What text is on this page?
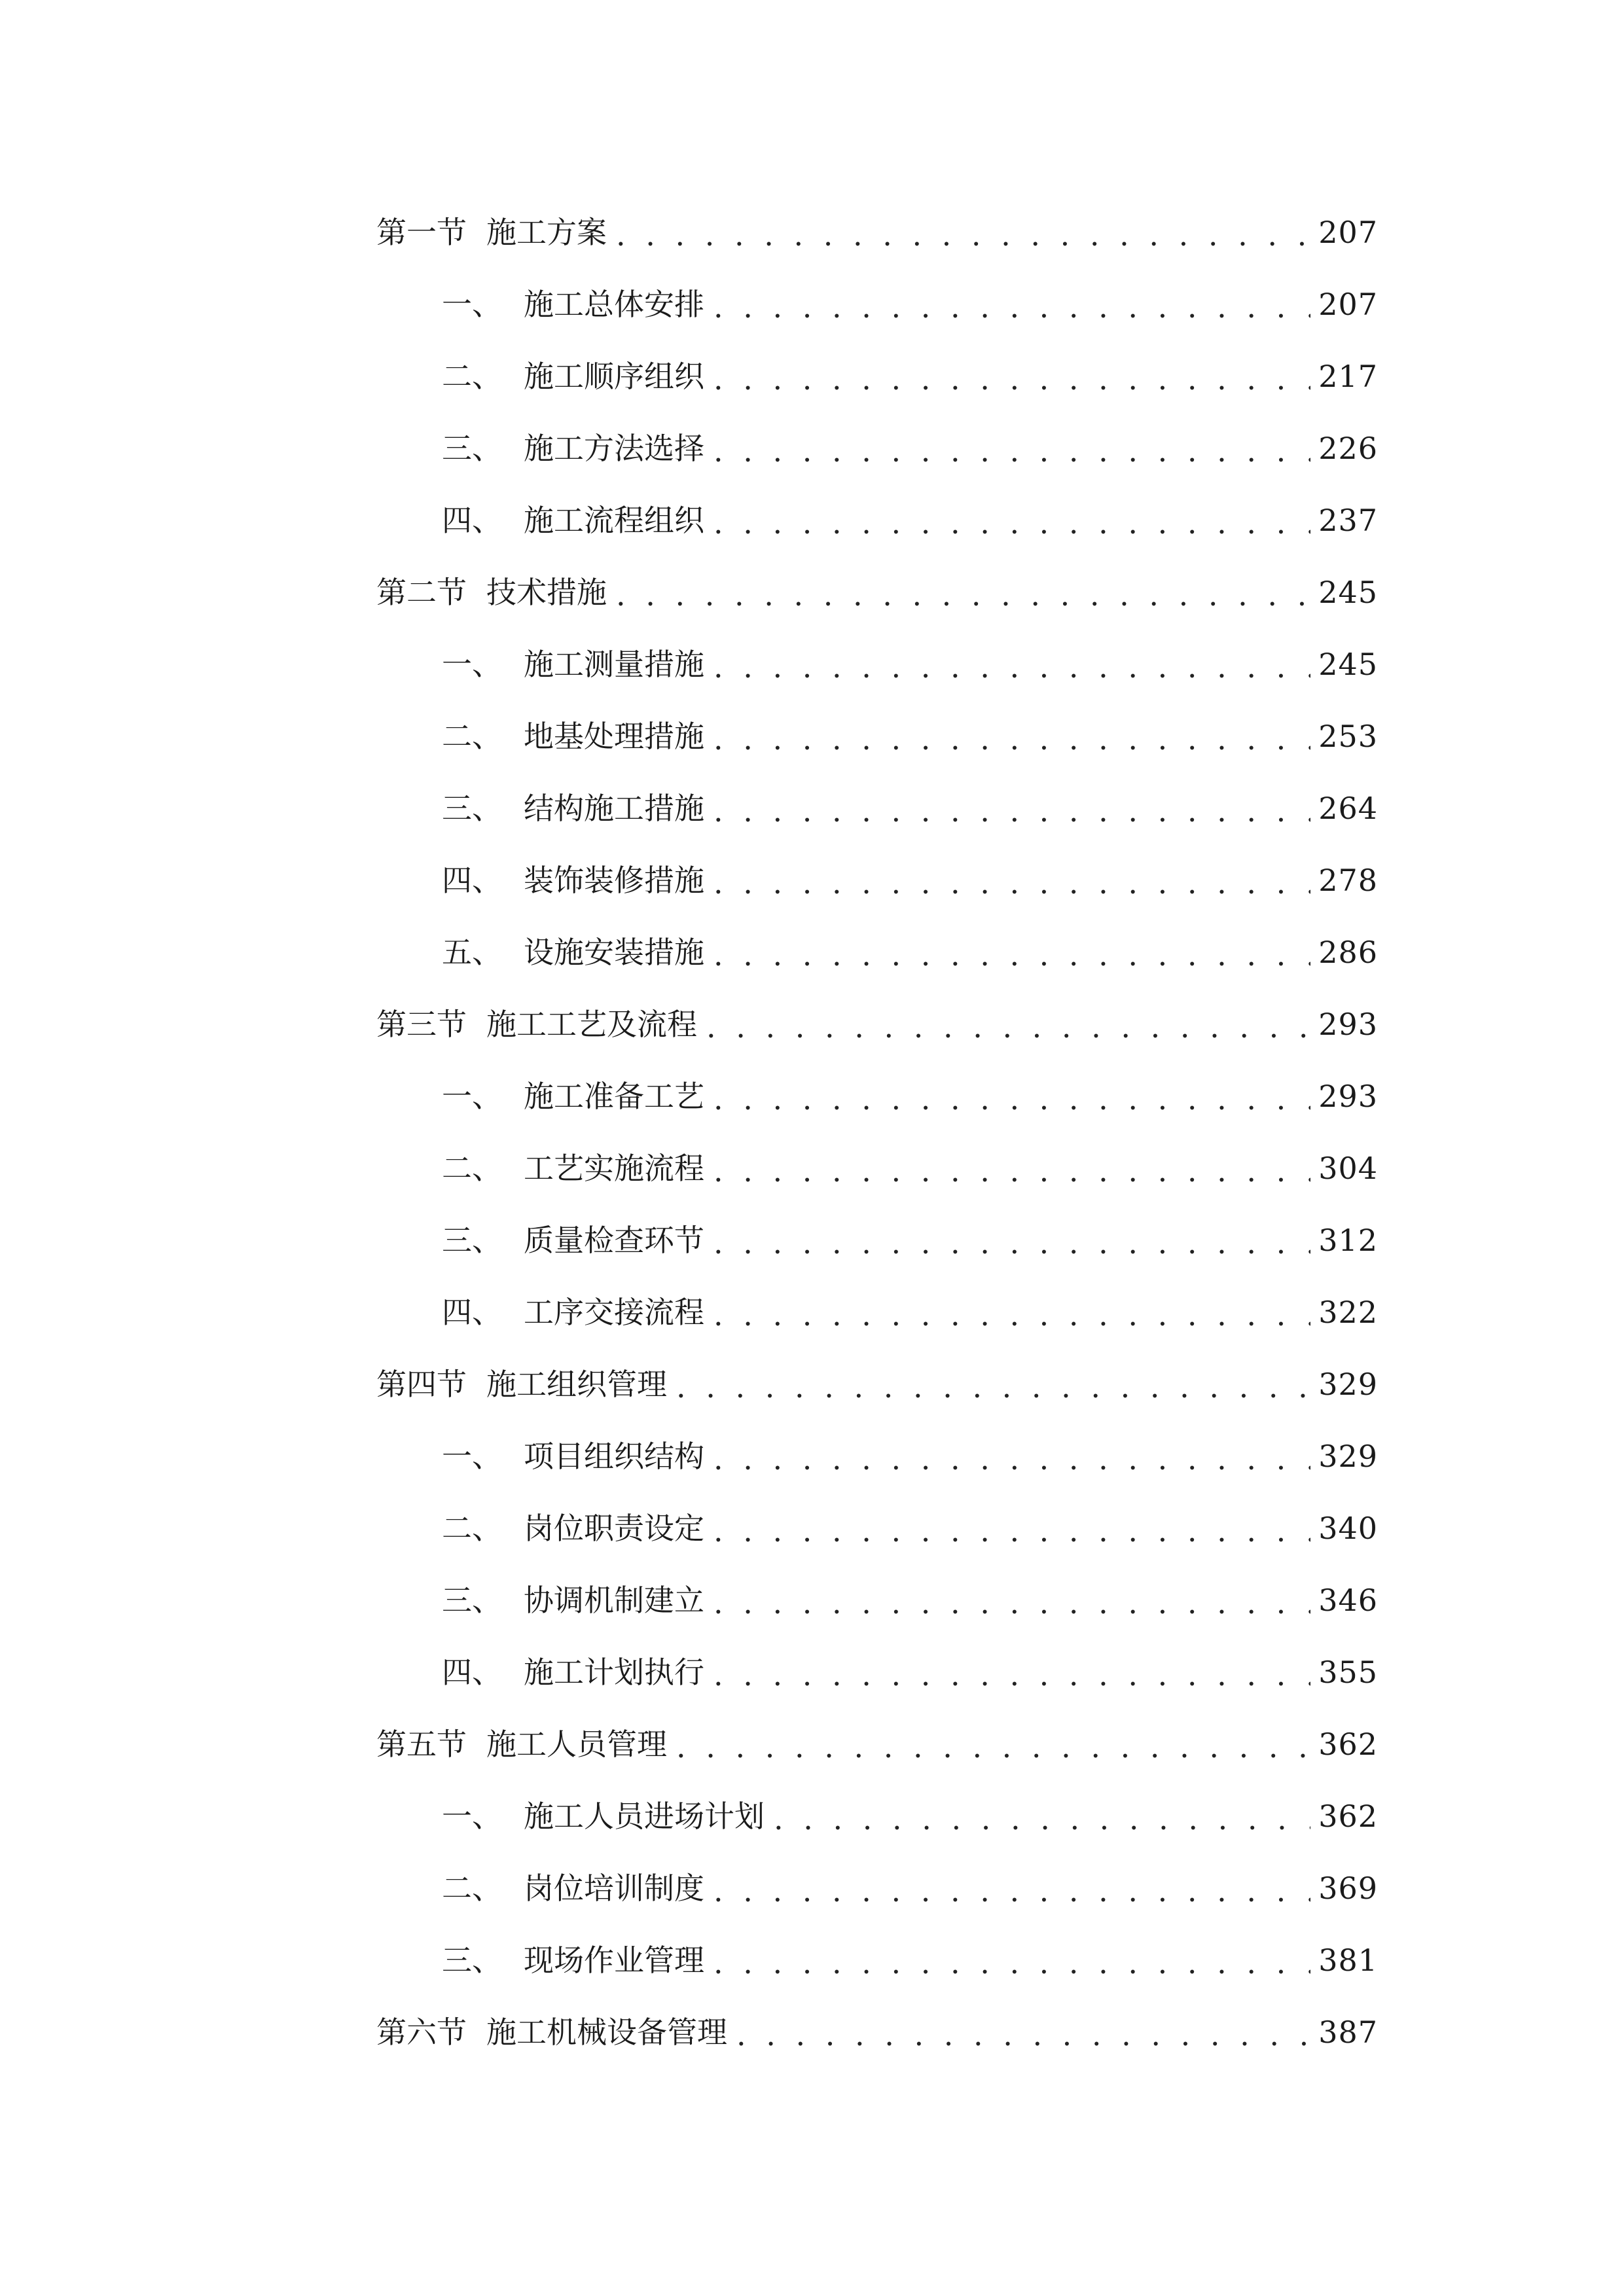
第一节 施工方案 . . .	207
一、 施工总体安排 . . .	207
二、 施工顺序组织 . . .	217
三、 施工方法选择 . . .	226
四、 施工流程组织 . . .	237
第二节 技术措施 . . .	245
一、 施工测量措施 . . .	245
二、 地基处理措施 . . .	253
三、 结构施工措施 . . .	264
四、 装饰装修措施 . . .	278
五、 设施安装措施 . . .	286
第三节 施工工艺及流程 . . .	293
一、 施工准备工艺 . . .	293
二、 工艺实施流程 . . .	304
三、 质量检查环节 . . .	312
四、 工序交接流程 . . .	322
第四节 施工组织管理 . . .	329
一、 项目组织结构 . . .	329
二、 岗位职责设定 . . .	340
三、 协调机制建立 . . .	346
四、 施工计划执行 . . .	355
第五节 施工人员管理 . . .	362
一、 施工人员进场计划 . . .	362
二、 岗位培训制度 . . .	369
三、 现场作业管理 . . .	381
第六节 施工机械设备管理 . . .	387
